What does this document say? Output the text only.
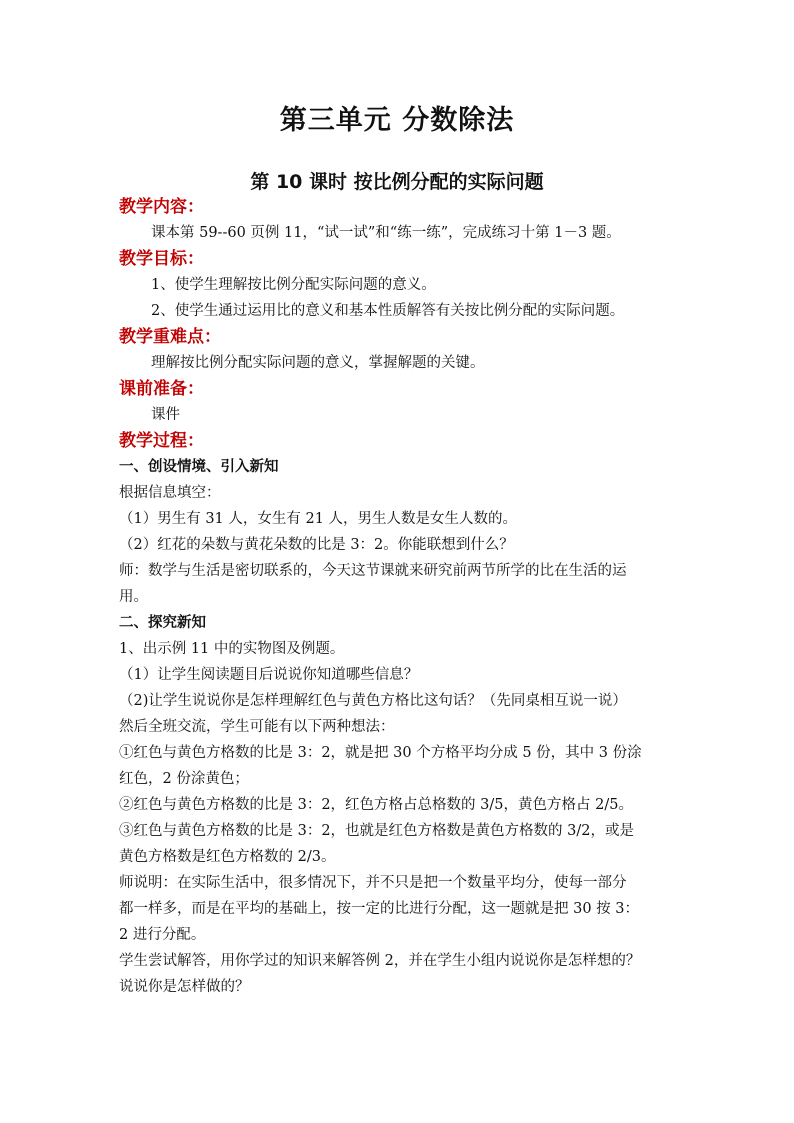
第三单元 分数除法
第 10 课时 按比例分配的实际问题
教学内容：
课本第 59--60 页例 11，“试一试”和“练一练”，完成练习十第 1－3 题。
教学目标：
1、使学生理解按比例分配实际问题的意义。
2、使学生通过运用比的意义和基本性质解答有关按比例分配的实际问题。
教学重难点：
理解按比例分配实际问题的意义，掌握解题的关键。
课前准备：
课件
教学过程：
一、创设情境、引入新知
根据信息填空：
（1）男生有 31 人，女生有 21 人，男生人数是女生人数的。
（2）红花的朵数与黄花朵数的比是 3：2。你能联想到什么？
师：数学与生活是密切联系的，今天这节课就来研究前两节所学的比在生活的运
用。
二、探究新知
1、出示例 11 中的实物图及例题。
（1）让学生阅读题目后说说你知道哪些信息？
（2)让学生说说你是怎样理解红色与黄色方格比这句话？（先同桌相互说一说）
然后全班交流，学生可能有以下两种想法：
①红色与黄色方格数的比是 3：2，就是把 30 个方格平均分成 5 份，其中 3 份涂
红色，2 份涂黄色；
②红色与黄色方格数的比是 3：2，红色方格占总格数的 3/5，黄色方格占 2/5。
③红色与黄色方格数的比是 3：2，也就是红色方格数是黄色方格数的 3/2，或是
黄色方格数是红色方格数的 2/3。
师说明：在实际生活中，很多情况下，并不只是把一个数量平均分，使每一部分
都一样多，而是在平均的基础上，按一定的比进行分配，这一题就是把 30 按 3：
2 进行分配。
学生尝试解答，用你学过的知识来解答例 2，并在学生小组内说说你是怎样想的？
说说你是怎样做的？
